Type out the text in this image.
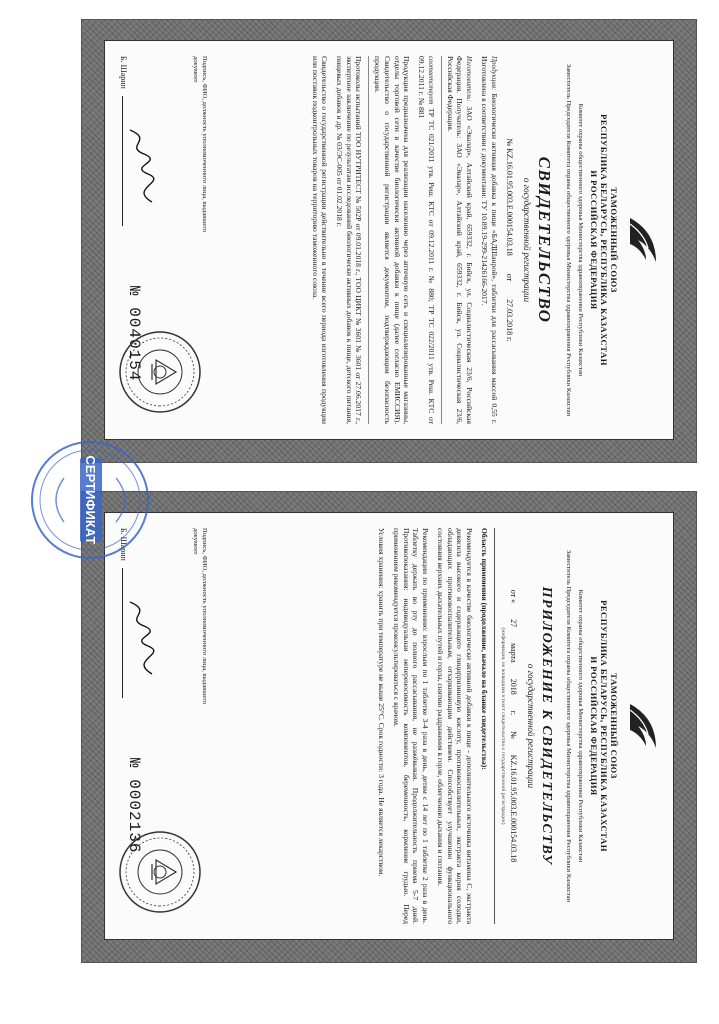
ТАМОЖЕННЫЙ СОЮЗ
РЕСПУБЛИКА БЕЛАРУСЬ, РЕСПУБЛИКА КАЗАХСТАН
И РОССИЙСКАЯ ФЕДЕРАЦИЯ
Комитет охраны общественного здоровья Министерства здравоохранения Республики Казахстан
Заместитель Председателя Комитета охраны общественного здоровья Министерства здравоохранения Республики Казахстан
СВИДЕТЕЛЬСТВО
о государственной регистрации
№ KZ.16.01.95.003.E.000154.03.18 от 27.03.2018 г.
Продукция: Биологически активная добавка к пище «БАДШанрой», таблетки для рассасывания массой 0,55 г. Изготовлена в соответствии с документами: ТУ 10.89.19-299-21426166-2017.
Изготовитель: ЗАО «Эвалар», Алтайский край, 659332, г. Бийск, ул. Социалистическая 23/6, Российская Федерация. Получатель: ЗАО «Эвалар», Алтайский край, 659332, г. Бийск, ул. Социалистическая 23/6, Российская Федерация.
соответствует ТР ТС 021/2011 утв. Реш. КТС от 09.12.2011 г. № 880; ТР ТС 022/2011 утв. Реш. КТС от 09.12.2011 г. № 881
Продукция предназначена для реализации населению через аптечную сеть и специализированные магазины, отделы торговой сети в качестве биологически активной добавки к пище (далее согласно ЕМИССИЯ). Свидетельство о государственной регистрации является документом, подтверждающим безопасность продукции.
Протоколы испытаний ТОО НУТРИТЕСТ № 502Р от 09.01.2018 г., ТОО ЦИКТ № 3601 № 3601 от 27.06.2017 г., экспертное заключение по результатам исследований биологически активных добавок к пище, детского питания, пищевых добавок и др. № 03/ЭС-005 от 01.02.2018 г.
Свидетельство о государственной регистрации действительно в течение всего периода изготовления продукции или поставок подконтрольных товаров на территорию таможенного союза.
Подпись, ФИО, должность уполномоченного лица, выдавшего документ
Б. Шарип
№ 0040154
ТАМОЖЕННЫЙ СОЮЗ
РЕСПУБЛИКА БЕЛАРУСЬ, РЕСПУБЛИКА КАЗАХСТАН
И РОССИЙСКАЯ ФЕДЕРАЦИЯ
Комитет охраны общественного здоровья Министерства здравоохранения Республики Казахстан
Заместитель Председателя Комитета охраны общественного здоровья Министерства здравоохранения Республики Казахстан
ПРИЛОЖЕНИЕ К СВИДЕТЕЛЬСТВУ
о государственной регистрации
от «27марта2018г.№KZ.16.01.95.003.E.000154.03.18
(информация, не вошедшая в текст свидетельства о государственной регистрации)
Область применения (продолжение, начало на бланке свидетельства):
Рекомендуется в качестве биологически активной добавки к пище - дополнительного источника витамина С, экстракта девясила высокого и содержащего глицирризиновую кислоту, противовоспалительных, экстракта корня солодки, обладающих противовоспалительным, отхаркивающим действием. Способствует улучшению функционального состояния верхних дыхательных путей и горла, снятию раздражения в горле, облегчению дыхания и глотания.
Рекомендации по применению: взрослым по 1 таблетке 3-4 раза в день, детям с 14 лет по 1 таблетке 2 раза в день. Таблетку держать во рту до полного рассасывания, не разжёвывая. Продолжительность приема 5-7 дней. Противопоказания: индивидуальная непереносимость компонентов, беременность, кормление грудью. Перед применением рекомендуется проконсультироваться с врачом.
Условия хранения: хранить при температуре не выше 25°С. Срок годности: 3 года. Не является лекарством.
Подпись, ФИО, должность уполномоченного лица, выдавшего документ
Б. Шарип
№ 0002136
СЕРТИФИКАТ
